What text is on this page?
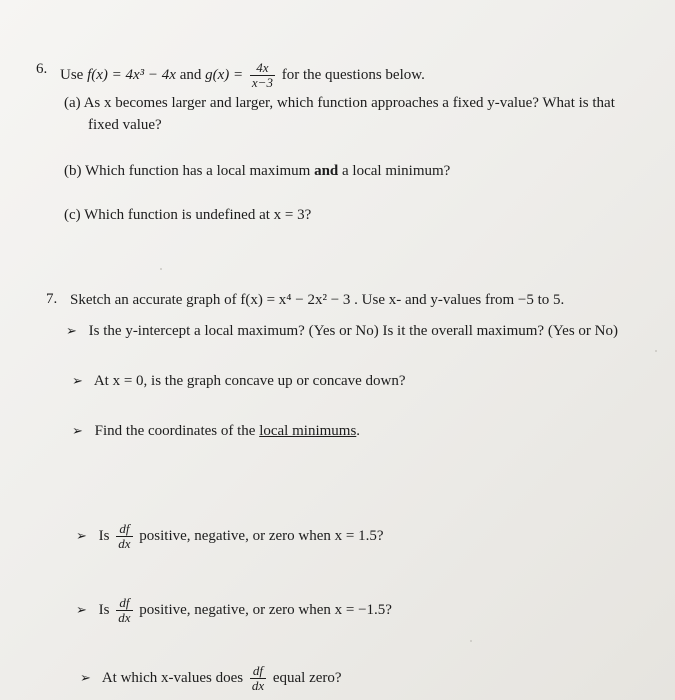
6. Use f(x) = 4x³ − 4x and $g(x) = \frac{4x}{x-3}$ for the questions below.
(a) As x becomes larger and larger, which function approaches a fixed y-value? What is that
fixed value?
(b) Which function has a local maximum and a local minimum?
(c) Which function is undefined at x = 3?
7. Sketch an accurate graph of f(x) = x⁴ − 2x² − 3 . Use x- and y-values from −5 to 5.
➢ Is the y-intercept a local maximum? (Yes or No) Is it the overall maximum? (Yes or No)
➢ At x = 0, is the graph concave up or concave down?
➢ Find the coordinates of the local minimums.
➢ Is $\frac{df}{dx}$ positive, negative, or zero when x = 1.5?
➢ Is $\frac{df}{dx}$ positive, negative, or zero when x = −1.5?
➢ At which x-values does $\frac{df}{dx}$ equal zero?
